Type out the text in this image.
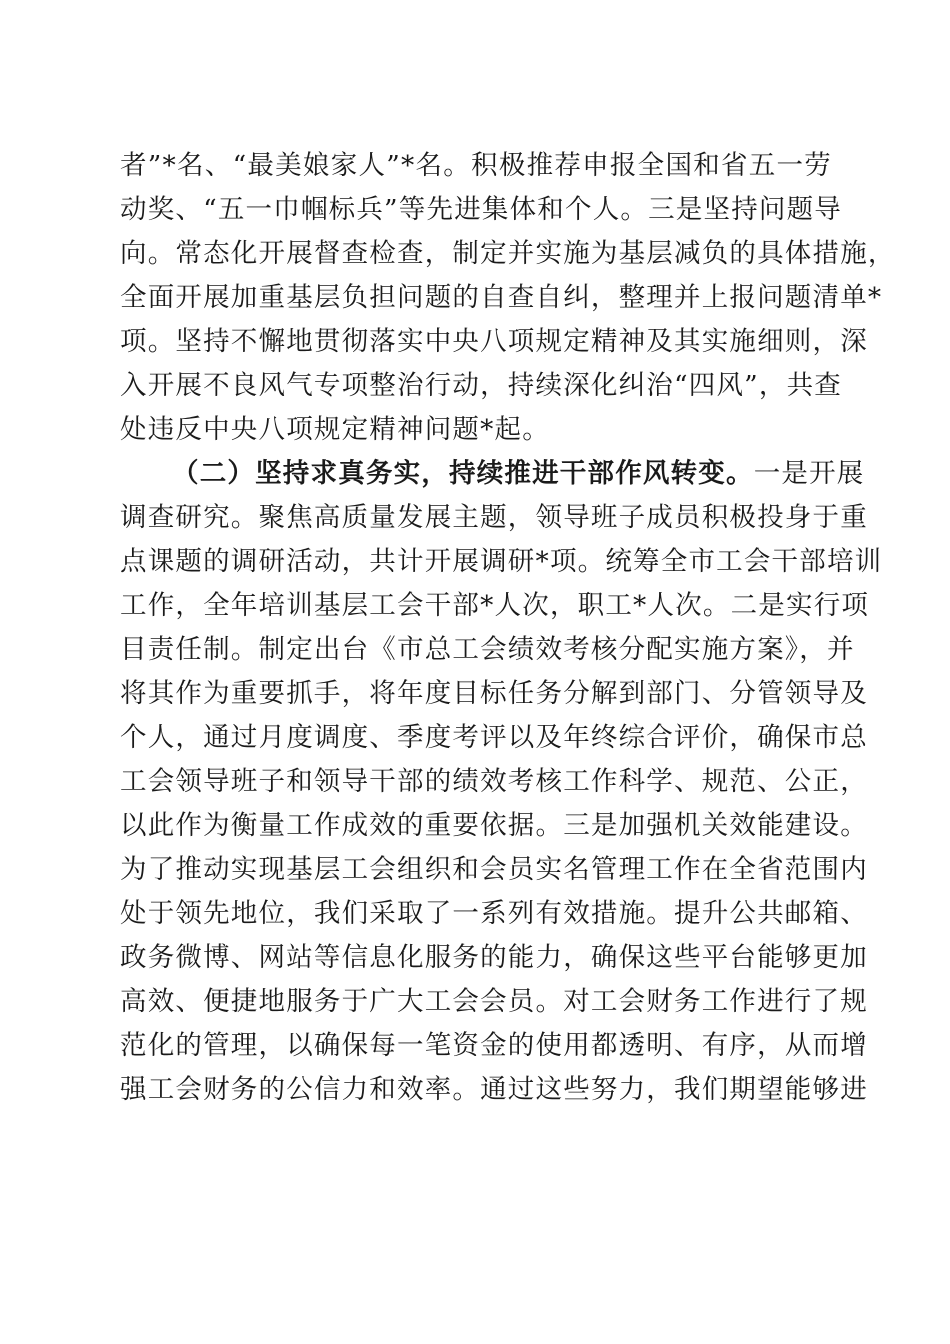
者”*名、“最美娘家人”*名。积极推荐申报全国和省五一劳
动奖、“五一巾帼标兵”等先进集体和个人。三是坚持问题导
向。常态化开展督查检查，制定并实施为基层减负的具体措施，
全面开展加重基层负担问题的自查自纠，整理并上报问题清单*
项。坚持不懈地贯彻落实中央八项规定精神及其实施细则，深
入开展不良风气专项整治行动，持续深化纠治“四风”，共查
处违反中央八项规定精神问题*起。
（二）坚持求真务实，持续推进干部作风转变。一是开展
调查研究。聚焦高质量发展主题，领导班子成员积极投身于重
点课题的调研活动，共计开展调研*项。统筹全市工会干部培训
工作，全年培训基层工会干部*人次，职工*人次。二是实行项
目责任制。制定出台《市总工会绩效考核分配实施方案》，并
将其作为重要抓手，将年度目标任务分解到部门、分管领导及
个人，通过月度调度、季度考评以及年终综合评价，确保市总
工会领导班子和领导干部的绩效考核工作科学、规范、公正，
以此作为衡量工作成效的重要依据。三是加强机关效能建设。
为了推动实现基层工会组织和会员实名管理工作在全省范围内
处于领先地位，我们采取了一系列有效措施。提升公共邮箱、
政务微博、网站等信息化服务的能力，确保这些平台能够更加
高效、便捷地服务于广大工会会员。对工会财务工作进行了规
范化的管理，以确保每一笔资金的使用都透明、有序，从而增
强工会财务的公信力和效率。通过这些努力，我们期望能够进
